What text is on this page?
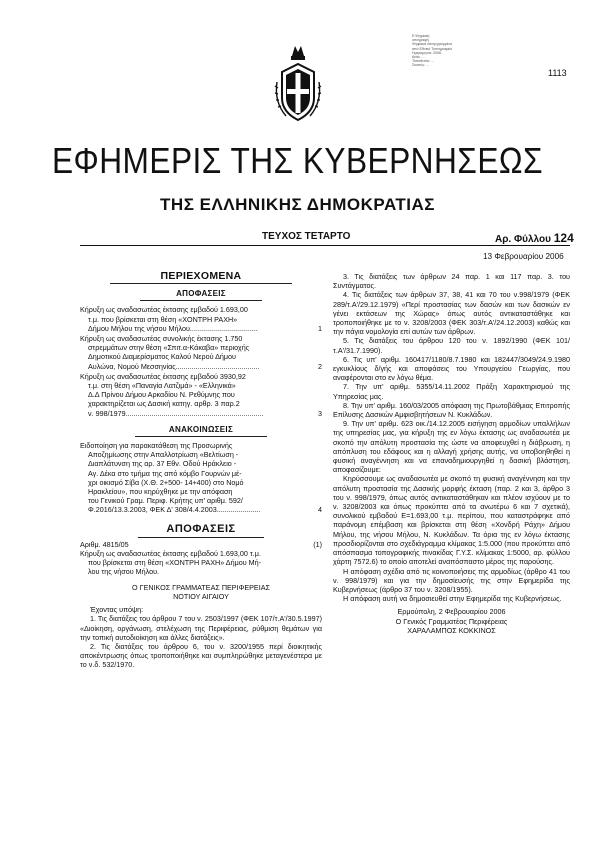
Ε.Ψηφιακή
υπογραφή
Ψηφιακά υπογεγραμμένο
από Εθνικό Τυπογραφείο
Ημερομηνία: 2006.
Αιτία: ...
Τοποθεσία: ...
Σκοπός: ...
1113
ΕΦΗΜΕΡΙΣ ΤΗΣ ΚΥΒΕΡΝΗΣΕΩΣ
ΤΗΣ ΕΛΛΗΝΙΚΗΣ ΔΗΜΟΚΡΑΤΙΑΣ
ΤΕΥΧΟΣ ΤΕΤΑΡΤΟ	Αρ. Φύλλου 124
13 Φεβρουαρίου 2006
ΠΕΡΙΕΧΟΜΕΝΑ
ΑΠΟΦΑΣΕΙΣ
Κήρυξη ως αναδασωτέας έκτασης εμβαδού 1.693,00
τ.μ. που βρίσκεται στη θέση «ΧΟΝΤΡΗ ΡΑΧΗ»
Δήμου Μήλου της νήσου Μήλου..................................	1
Κήρυξη ως αναδασωτέας συνολικής έκτασης 1.750
στρεμμάτων στην θέση «Σπιτ.α-Κάκαβα» περιοχής
Δημοτικού Διαμερίσματος Καλού Νερού Δήμου
Αυλώνα, Νομού Μεσσηνίας..........................................	2
Κήρυξη ως αναδασωτέας έκτασης εμβαδού 3930,92
τ.μ. στη θέση «Παναγία Λατζιμά» - «Ελληνικά»
Δ.Δ Πρίνου Δήμου Αρκαδίου Ν. Ρεθύμνης που
χαρακτηρίζεται ως Δασική κατηγ. αρθρ. 3 παρ.2
ν. 998/1979.....................................................................	3
ΑΝΑΚΟΙΝΩΣΕΙΣ
Ειδοποίηση για παρακατάθεση της Προσωρινής
Αποζημίωσης στην Απαλλοτρίωση «Βελτίωση -
Διαπλάτυνση της αρ. 37 Εθν. Οδού Ηράκλειο -
Αγ. Δέκα στο τμήμα της από κόμβο Γουρνών μέ-
χρι οικισμό Σίβα (Χ.Θ. 2+500- 14+400) στο Νομό
Ηρακλείου», που κηρύχθηκε με την απόφαση
του Γενικού Γραμ. Περιφ. Κρήτης υπ' αριθμ. 592/
Φ.2016/13.3.2003, ΦΕΚ Δ' 308/4.4.2003......................	4
ΑΠΟΦΑΣΕΙΣ
Αριθμ. 4815/05	(1)
Κήρυξη ως αναδασωτέας έκτασης εμβαδού 1.693,00 τ.μ.
που βρίσκεται στη θέση «ΧΟΝΤΡΗ ΡΑΧΗ» Δήμου Μή-
λου της νήσου Μήλου.
Ο ΓΕΝΙΚΟΣ ΓΡΑΜΜΑΤΕΑΣ ΠΕΡΙΦΕΡΕΙΑΣ
ΝΟΤΙΟΥ ΑΙΓΑΙΟΥ
Έχοντας υπόψη:
1. Τις διατάξεις του άρθρου 7 του ν. 2503/1997 (ΦΕΚ 107/τ.Α'/30.5.1997) «Διοίκηση, οργάνωση, στελέχωση της Περιφέρειας, ρύθμιση θεμάτων για την τοπική αυτοδιοίκηση και άλλες διατάξεις».
2. Τις διατάξεις του άρθρου 6, του ν. 3200/1955 περί διοικητικής αποκέντρωσης όπως τροποποιήθηκε και συμπληρώθηκε μεταγενέστερα με το ν.δ. 532/1970.
3. Τις διατάξεις των άρθρων 24 παρ. 1 και 117 παρ. 3. του Συντάγματος.
4. Τις διατάξεις των άρθρων 37, 38, 41 και 70 του ν.998/1979 (ΦΕΚ 289/τ.Α'/29.12.1979) «Περί προστασίας των δασών και των δασικών εν γένει εκτάσεων της Χώρας» όπως αυτός αντικαταστάθηκε και τροποποιήθηκε με το ν. 3208/2003 (ΦΕΚ 303/τ.Α'/24.12.2003) καθώς και την πάγια νομολογία επί αυτών των άρθρων.
5. Τις διατάξεις του άρθρου 120 του ν. 1892/1990 (ΦΕΚ 101/τ.Α'/31.7.1990).
6. Τις υπ' αριθμ. 160417/1180/8.7.1980 και 182447/3049/24.9.1980 εγκυκλίους δ/γής και αποφάσεις του Υπουργείου Γεωργίας, που αναφέρονται στο εν λόγω θέμα.
7. Την υπ' αριθμ. 5355/14.11.2002 Πράξη Χαρακτηρισμού της Υπηρεσίας μας.
8. Την υπ' αριθμ. 160/03/2005 απόφαση της Πρωτοβάθμιας Επιτροπής Επίλυσης Δασικών Αμφισβητήσεων Ν. Κυκλάδων.
9. Την υπ' αριθμ. 623 οικ./14.12.2005 εισήγηση αρμοδίων υπαλλήλων της υπηρεσίας μας, για κήρυξη της εν λόγω έκτασης ως αναδασωτέα με σκοπό την απόλυτη προστασία της ώστε να αποφευχθεί η διάβρωση, η απόπλυση του εδάφους και η αλλαγή χρήσης αυτής, να υποβοηθηθεί η φυσική αναγέννηση και να επαναδημιουργηθεί η δασική βλάστηση, αποφασίζουμε:
Κηρύσσουμε ως αναδασωτέα με σκοπό τη φυσική αναγέννηση και την απόλυτη προστασία της Δασικής μορφής έκταση (παρ. 2 και 3, άρθρο 3 του ν. 998/1979, όπως αυτός αντικαταστάθηκαν και πλέον ισχύουν με το ν. 3208/2003 και όπως προκύπτει από τα ανωτέρω 6 και 7 σχετικά), συνολικού εμβαδού Ε=1.693,00 τ.μ. περίπου, που καταστράφηκε από παράνομη επέμβαση και βρίσκεται στη θέση «Χονδρή Ράχη» Δήμου Μήλου, της νήσου Μήλου, Ν. Κυκλάδων. Τα όρια της εν λόγω έκτασης προσδιορίζονται στο σχεδιάγραμμα κλίμακας 1:5.000 (που προκύπτει από απόσπασμα τοπογραφικής πινακίδας Γ.Υ.Σ. κλίμακας 1:5000, αρ. φύλλου χάρτη 7572.6) το οποίο αποτελεί αναπόσπαστο μέρος της παρούσης.
Η απόφαση σχέδια από τις κοινοποιήσεις της αρμοδίως (άρθρο 41 του ν. 998/1979) και για την δημοσίευσής της στην Εφημερίδα της Κυβερνήσεως (άρθρο 37 του ν. 3208/1955).
Η απόφαση αυτή να δημοσιευθεί στην Εφημερίδα της Κυβερνήσεως.
Ερμούπολη, 2 Φεβρουαρίου 2006
Ο Γενικός Γραμματέας Περιφέρειας
ΧΑΡΑΛΑΜΠΟΣ ΚΟΚΚΙΝΟΣ
